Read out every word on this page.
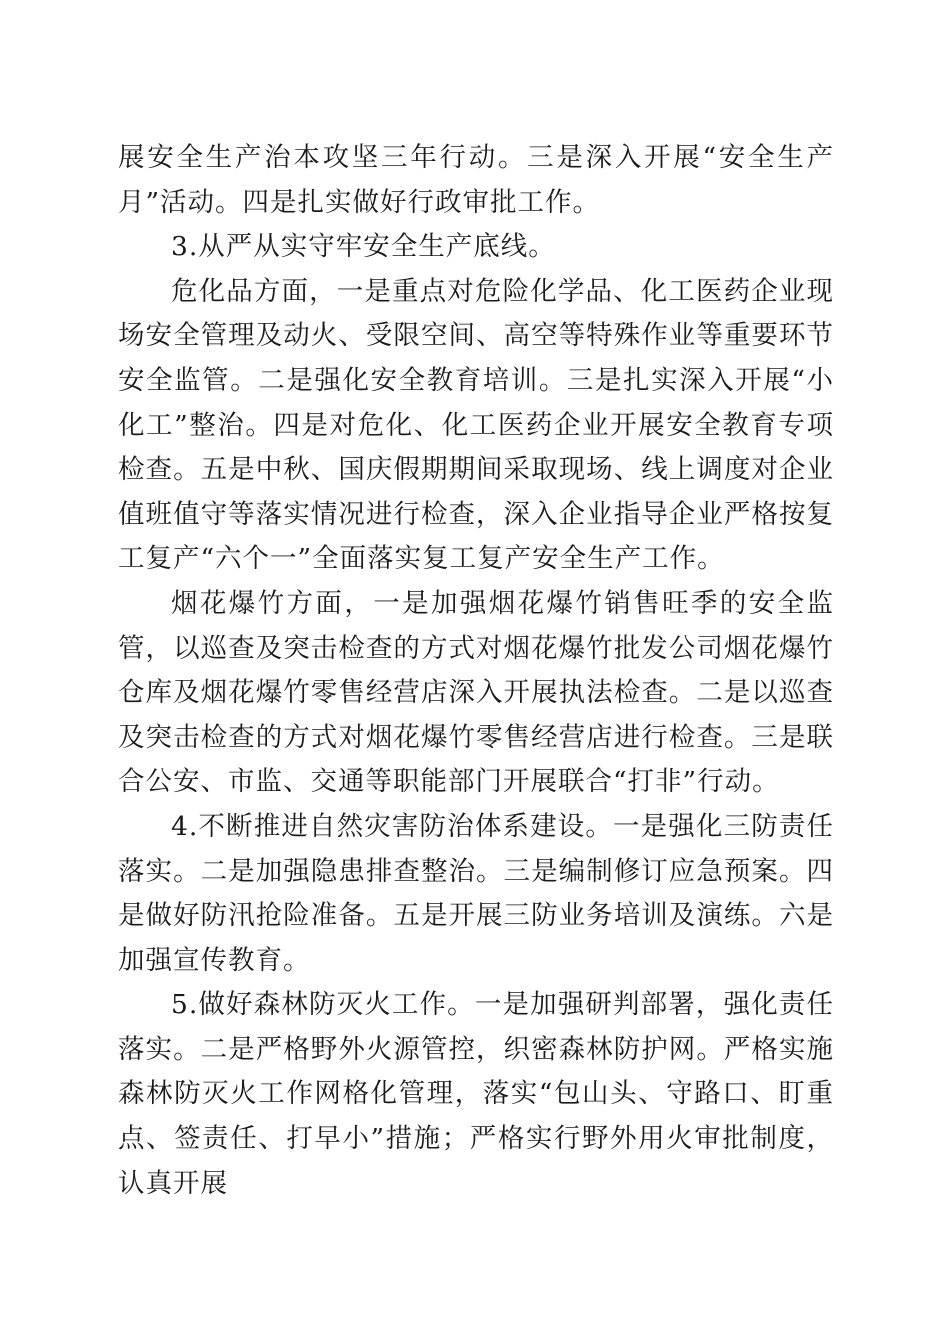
展安全生产治本攻坚三年行动。三是深入开展“安全生产月”活动。四是扎实做好行政审批工作。

3.从严从实守牢安全生产底线。

危化品方面，一是重点对危险化学品、化工医药企业现场安全管理及动火、受限空间、高空等特殊作业等重要环节安全监管。二是强化安全教育培训。三是扎实深入开展“小化工”整治。四是对危化、化工医药企业开展安全教育专项检查。五是中秋、国庆假期期间采取现场、线上调度对企业值班值守等落实情况进行检查，深入企业指导企业严格按复工复产“六个一”全面落实复工复产安全生产工作。

烟花爆竹方面，一是加强烟花爆竹销售旺季的安全监管，以巡查及突击检查的方式对烟花爆竹批发公司烟花爆竹仓库及烟花爆竹零售经营店深入开展执法检查。二是以巡查及突击检查的方式对烟花爆竹零售经营店进行检查。三是联合公安、市监、交通等职能部门开展联合“打非”行动。

4.不断推进自然灾害防治体系建设。一是强化三防责任落实。二是加强隐患排查整治。三是编制修订应急预案。四是做好防汛抢险准备。五是开展三防业务培训及演练。六是加强宣传教育。

5.做好森林防灭火工作。一是加强研判部署，强化责任落实。二是严格野外火源管控，织密森林防护网。严格实施森林防灭火工作网格化管理，落实“包山头、守路口、盯重点、签责任、打早小”措施；严格实行野外用火审批制度，认真开展
